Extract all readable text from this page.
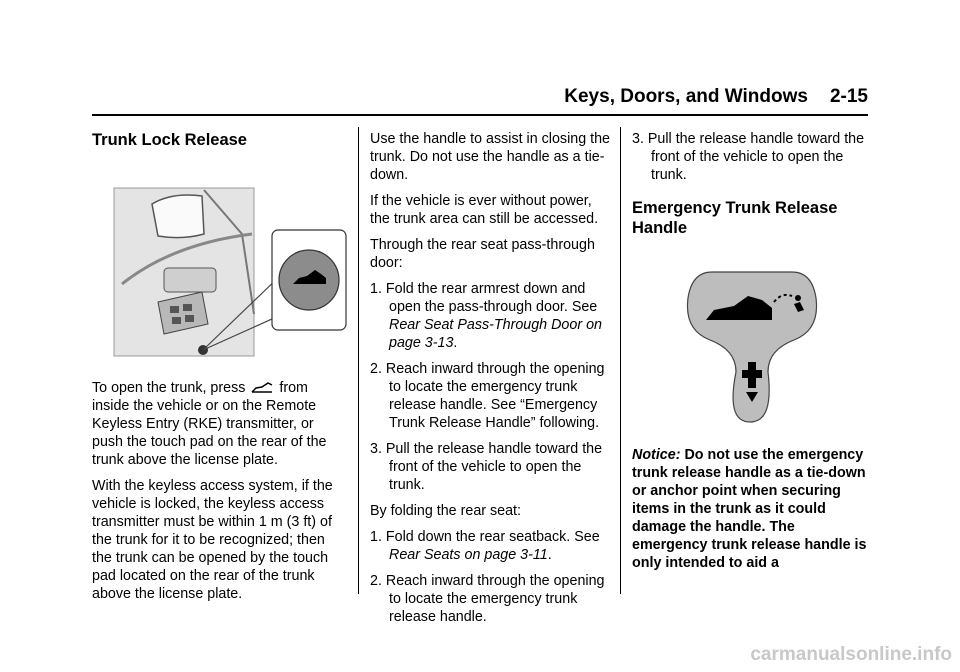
Keys, Doors, and Windows 2-15
Trunk Lock Release

To open the trunk, press from inside the vehicle or on the Remote Keyless Entry (RKE) transmitter, or push the touch pad on the rear of the trunk above the license plate.

With the keyless access system, if the vehicle is locked, the keyless access transmitter must be within 1 m (3 ft) of the trunk for it to be recognized; then the trunk can be opened by the touch pad located on the rear of the trunk above the license plate.

Use the handle to assist in closing the trunk. Do not use the handle as a tie-down.

If the vehicle is ever without power, the trunk area can still be accessed.

Through the rear seat pass-through door:

1. Fold the rear armrest down and open the pass-through door. See Rear Seat Pass-Through Door on page 3-13.

2. Reach inward through the opening to locate the emergency trunk release handle. See “Emergency Trunk Release Handle” following.

3. Pull the release handle toward the front of the vehicle to open the trunk.

By folding the rear seat:

1. Fold down the rear seatback. See Rear Seats on page 3-11.

2. Reach inward through the opening to locate the emergency trunk release handle.

3. Pull the release handle toward the front of the vehicle to open the trunk.

Emergency Trunk Release Handle

Notice: Do not use the emergency trunk release handle as a tie-down or anchor point when securing items in the trunk as it could damage the handle. The emergency trunk release handle is only intended to aid a

carmanualsonline.info
